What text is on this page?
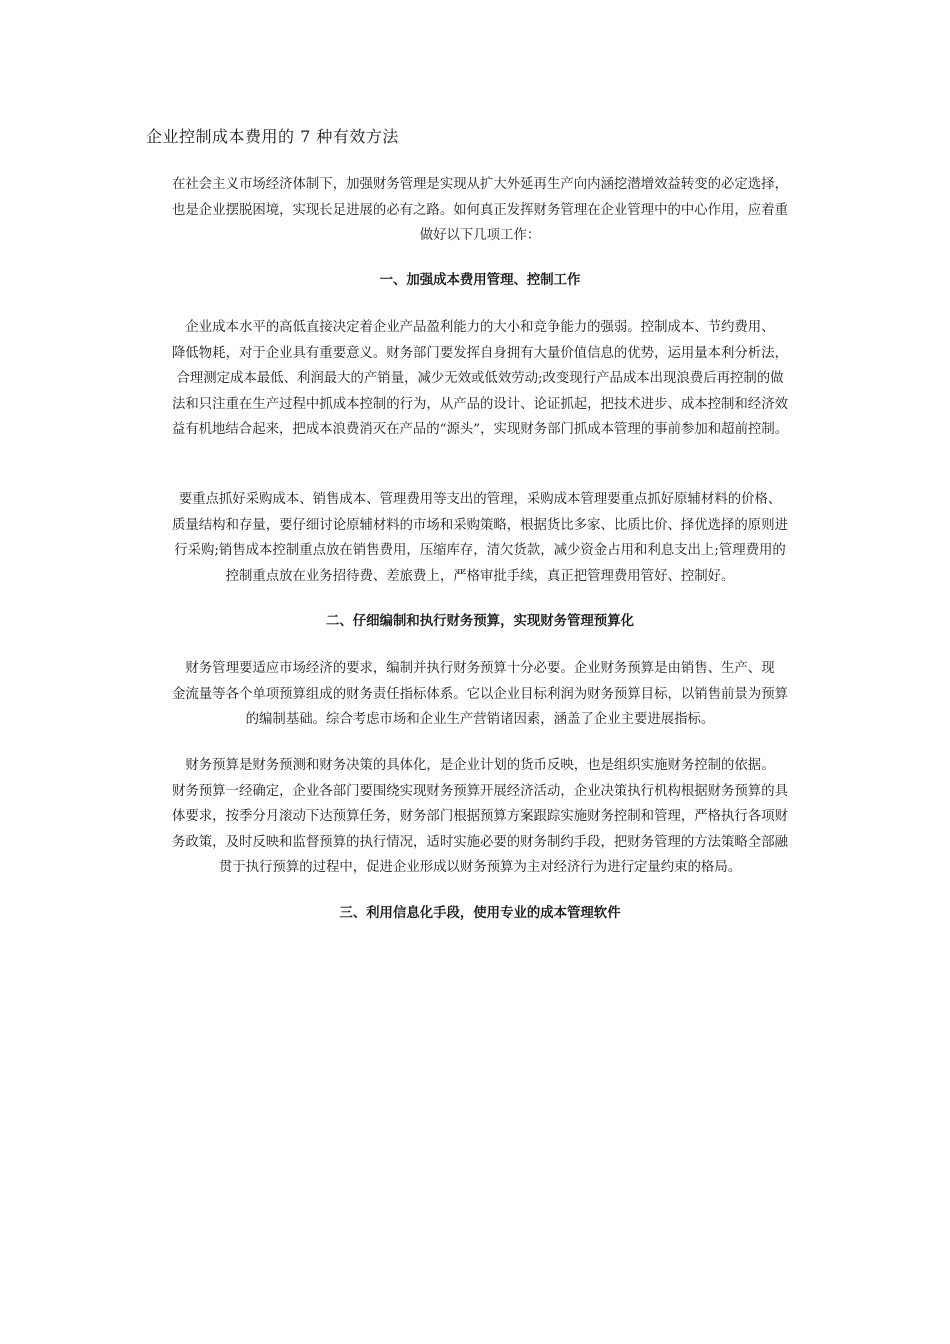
企业控制成本费用的 7 种有效方法
在社会主义市场经济体制下，加强财务管理是实现从扩大外延再生产向内涵挖潜增效益转变的必定选择，
也是企业摆脱困境，实现长足进展的必有之路。如何真正发挥财务管理在企业管理中的中心作用，应着重
做好以下几项工作：
一、加强成本费用管理、控制工作
企业成本水平的高低直接决定着企业产品盈利能力的大小和竞争能力的强弱。控制成本、节约费用、
降低物耗，对于企业具有重要意义。财务部门要发挥自身拥有大量价值信息的优势，运用量本利分析法，
合理测定成本最低、利润最大的产销量，减少无效或低效劳动;改变现行产品成本出现浪费后再控制的做
法和只注重在生产过程中抓成本控制的行为，从产品的设计、论证抓起，把技术进步、成本控制和经济效
益有机地结合起来，把成本浪费消灭在产品的“源头”，实现财务部门抓成本管理的事前参加和超前控制。
要重点抓好采购成本、销售成本、管理费用等支出的管理，采购成本管理要重点抓好原辅材料的价格、
质量结构和存量，要仔细讨论原辅材料的市场和采购策略，根据货比多家、比质比价、择优选择的原则进
行采购;销售成本控制重点放在销售费用，压缩库存，清欠货款，减少资金占用和利息支出上;管理费用的
控制重点放在业务招待费、差旅费上，严格审批手续，真正把管理费用管好、控制好。
二、仔细编制和执行财务预算，实现财务管理预算化
财务管理要适应市场经济的要求，编制并执行财务预算十分必要。企业财务预算是由销售、生产、现
金流量等各个单项预算组成的财务责任指标体系。它以企业目标利润为财务预算目标，以销售前景为预算
的编制基础。综合考虑市场和企业生产营销诸因素，涵盖了企业主要进展指标。
财务预算是财务预测和财务决策的具体化，是企业计划的货币反映，也是组织实施财务控制的依据。
财务预算一经确定，企业各部门要围绕实现财务预算开展经济活动，企业决策执行机构根据财务预算的具
体要求，按季分月滚动下达预算任务，财务部门根据预算方案跟踪实施财务控制和管理，严格执行各项财
务政策，及时反映和监督预算的执行情况，适时实施必要的财务制约手段，把财务管理的方法策略全部融
贯于执行预算的过程中，促进企业形成以财务预算为主对经济行为进行定量约束的格局。
三、利用信息化手段，使用专业的成本管理软件
